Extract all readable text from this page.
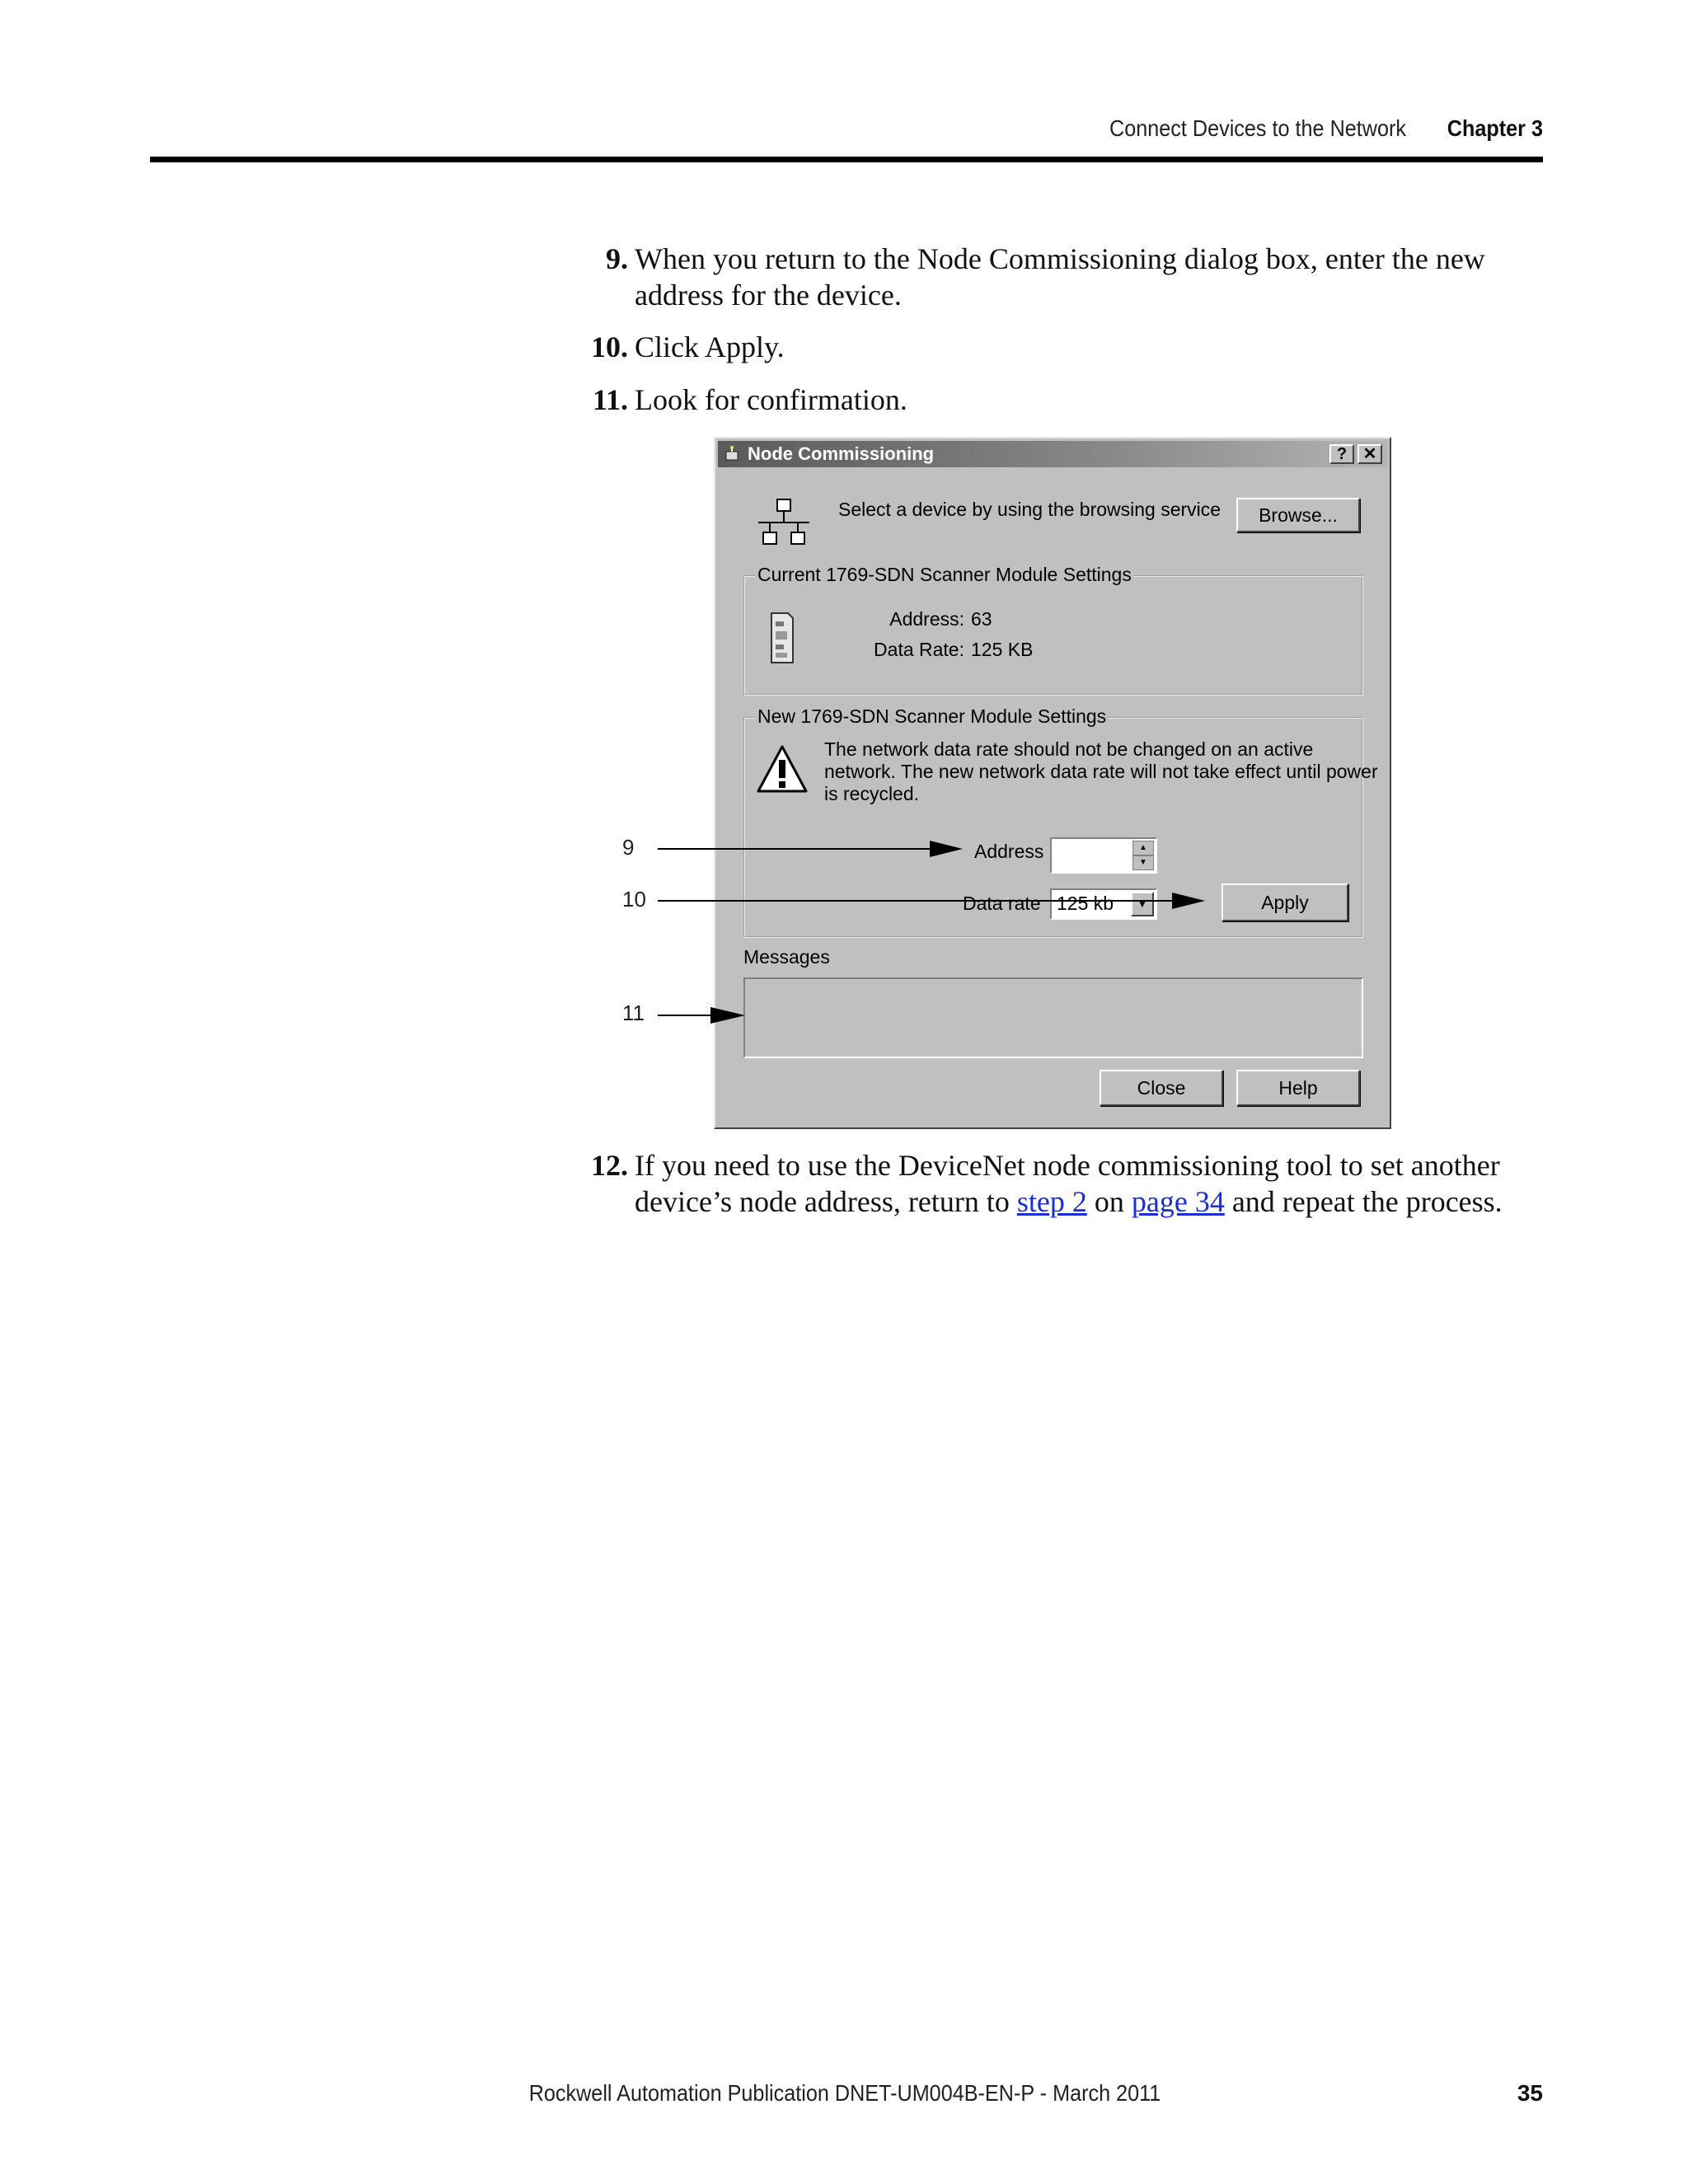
Connect Devices to the Network	Chapter 3
9. When you return to the Node Commissioning dialog box, enter the new address for the device.
10. Click Apply.
11. Look for confirmation.
Node Commissioning	? ✕
Select a device by using the browsing service	Browse...
Current 1769-SDN Scanner Module Settings
Address: 63
Data Rate: 125 KB
New 1769-SDN Scanner Module Settings
The network data rate should not be changed on an active
network. The new network data rate will not take effect until power
is recycled.
Address	▲
▼
Data rate 125 kb	▼	Apply
Messages
Close	Help
9
10
11
12. If you need to use the DeviceNet node commissioning tool to set another device’s node address, return to step 2 on page 34 and repeat the process.
Rockwell Automation Publication DNET-UM004B-EN-P - March 2011	35
